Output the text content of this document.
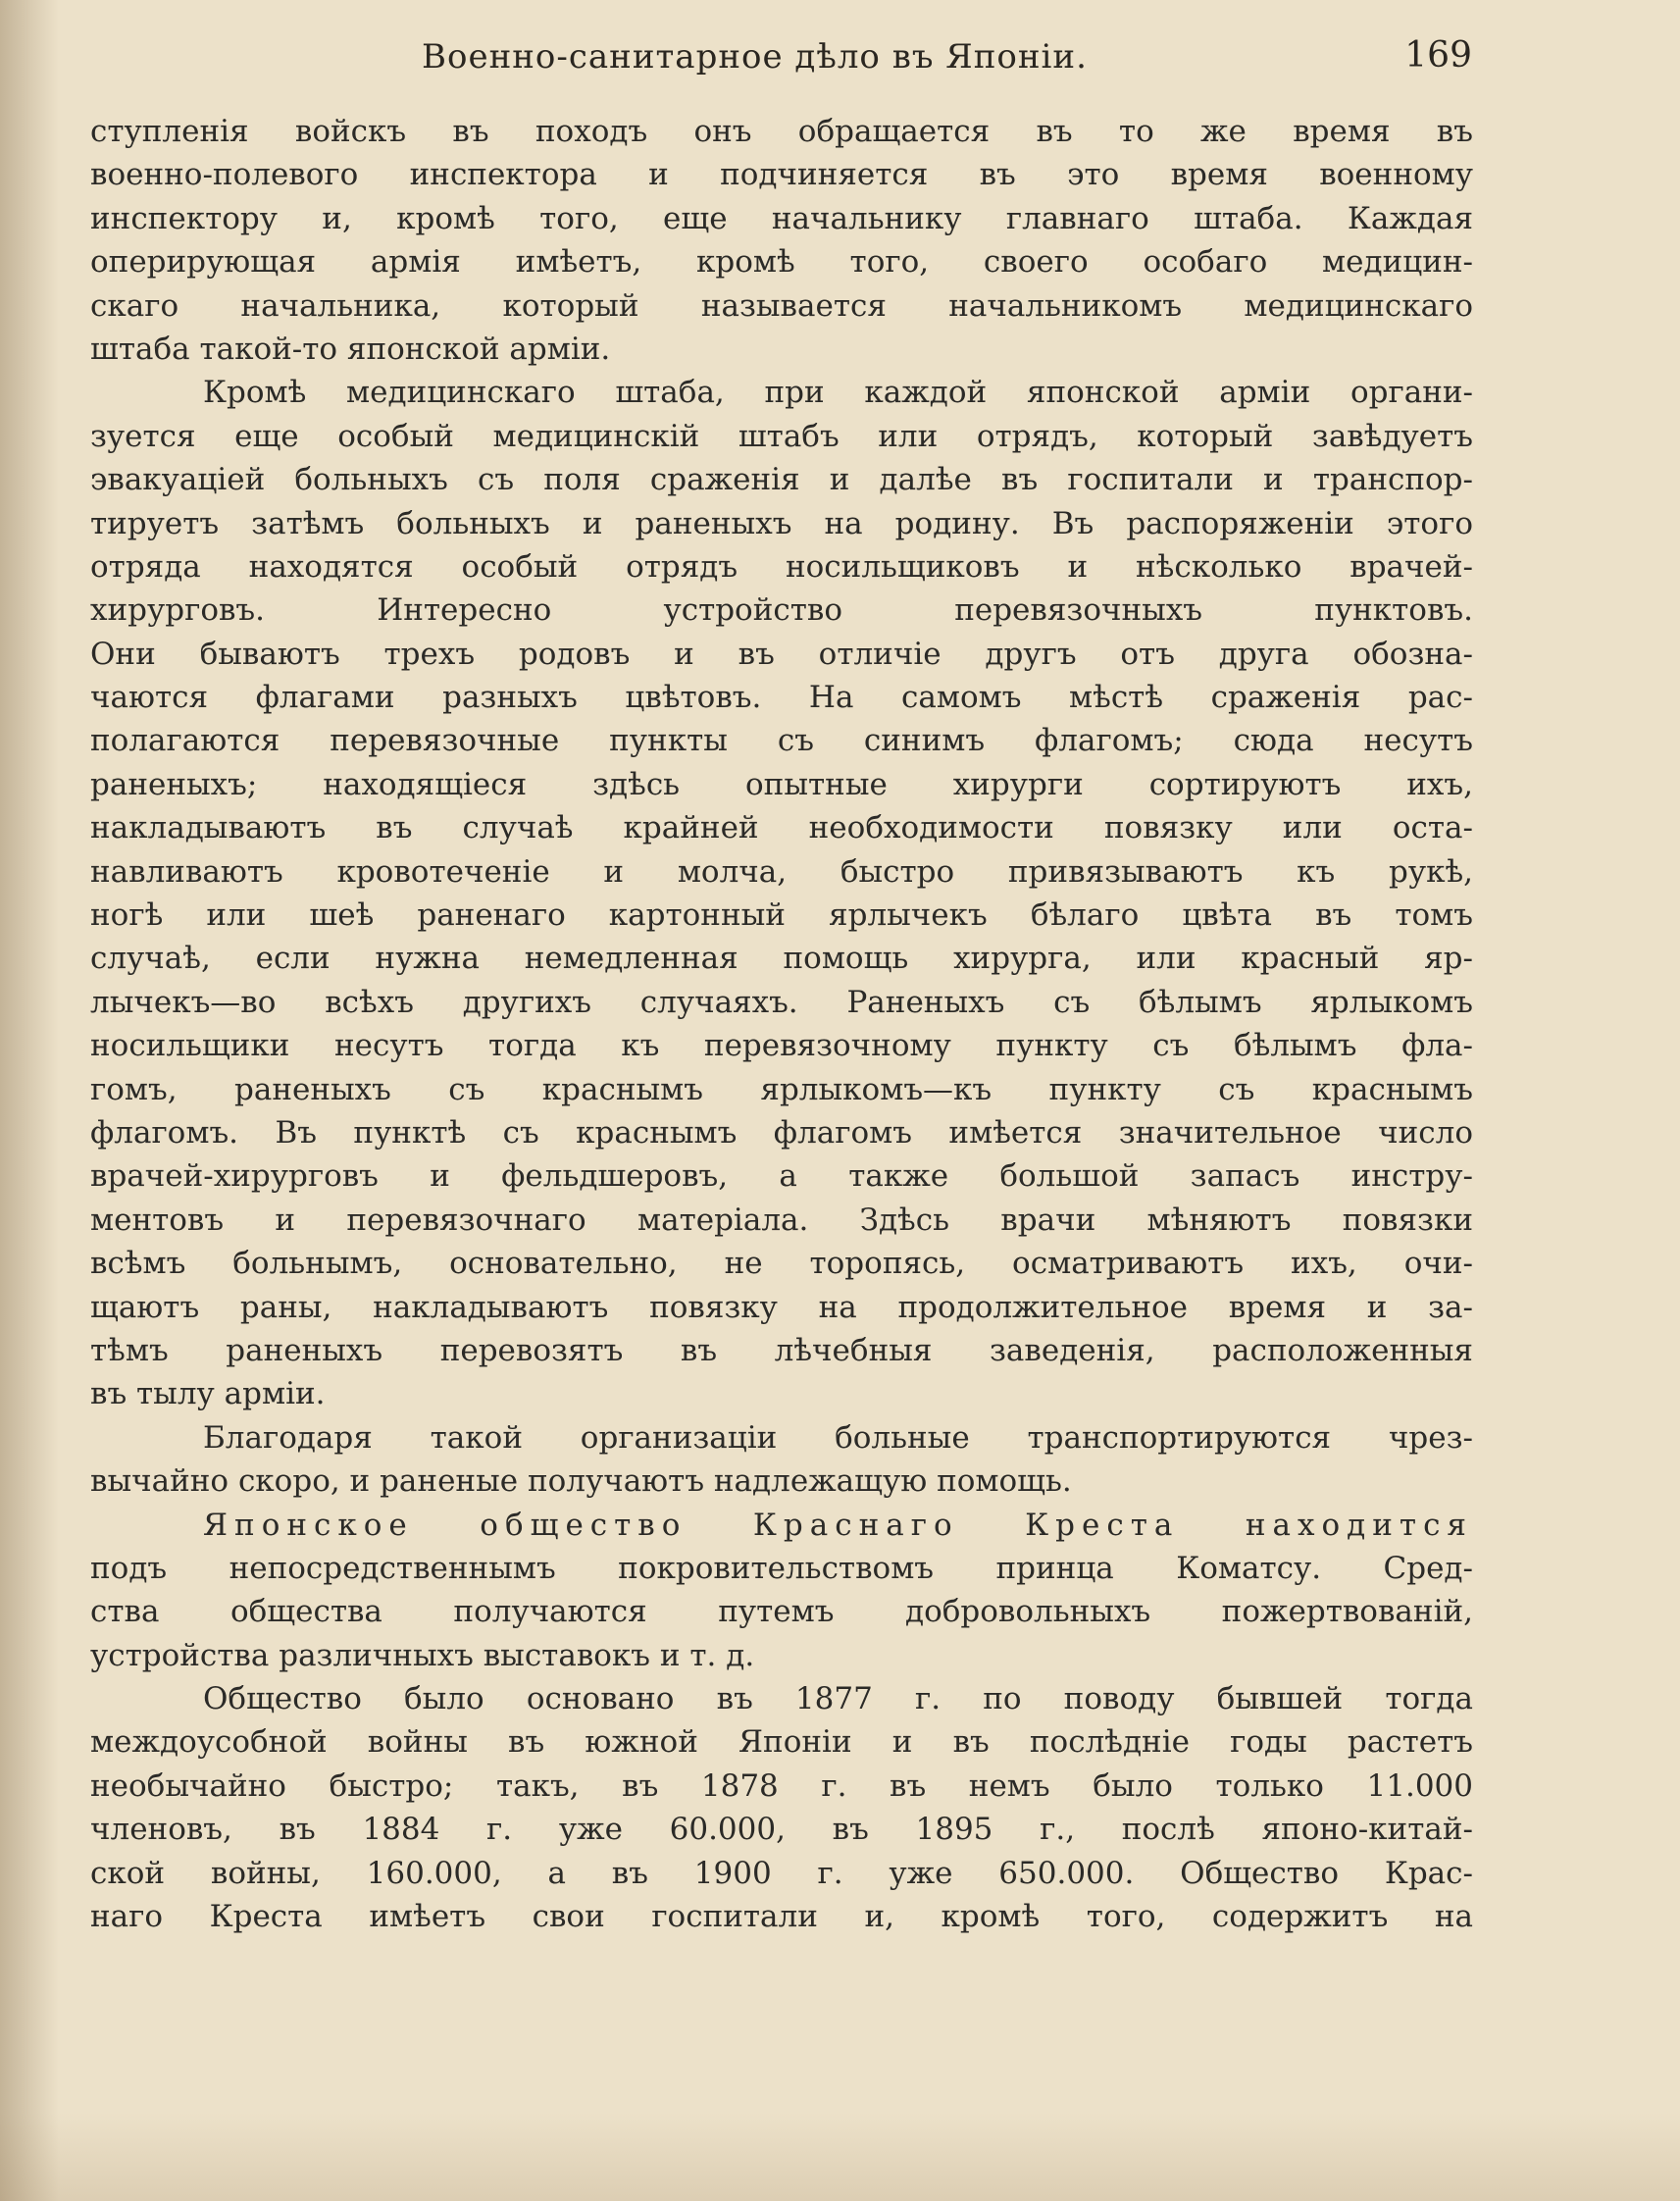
Военно-санитарное дѣло въ Японіи.	169
ступленія войскъ въ походъ онъ обращается въ то же время въ
военно-полевого инспектора и подчиняется въ это время военному
инспектору и, кромѣ того, еще начальнику главнаго штаба. Каждая
оперирующая армія имѣетъ, кромѣ того, своего особаго медицин-
скаго начальника, который называется начальникомъ медицинскаго
штаба такой-то японской арміи.
Кромѣ медицинскаго штаба, при каждой японской арміи органи-
зуется еще особый медицинскій штабъ или отрядъ, который завѣдуетъ
эвакуаціей больныхъ съ поля сраженія и далѣе въ госпитали и транспор-
тируетъ затѣмъ больныхъ и раненыхъ на родину. Въ распоряженіи этого
отряда находятся особый отрядъ носильщиковъ и нѣсколько врачей-
хирурговъ. Интересно устройство перевязочныхъ пунктовъ.
Они бываютъ трехъ родовъ и въ отличіе другъ отъ друга обозна-
чаются флагами разныхъ цвѣтовъ. На самомъ мѣстѣ сраженія рас-
полагаются перевязочные пункты съ синимъ флагомъ; сюда несутъ
раненыхъ; находящіеся здѣсь опытные хирурги сортируютъ ихъ,
накладываютъ въ случаѣ крайней необходимости повязку или оста-
навливаютъ кровотеченіе и молча, быстро привязываютъ къ рукѣ,
ногѣ или шеѣ раненаго картонный ярлычекъ бѣлаго цвѣта въ томъ
случаѣ, если нужна немедленная помощь хирурга, или красный яр-
лычекъ—во всѣхъ другихъ случаяхъ. Раненыхъ съ бѣлымъ ярлыкомъ
носильщики несутъ тогда къ перевязочному пункту съ бѣлымъ фла-
гомъ, раненыхъ съ краснымъ ярлыкомъ—къ пункту съ краснымъ
флагомъ. Въ пунктѣ съ краснымъ флагомъ имѣется значительное число
врачей-хирурговъ и фельдшеровъ, а также большой запасъ инстру-
ментовъ и перевязочнаго матеріала. Здѣсь врачи мѣняютъ повязки
всѣмъ больнымъ, основательно, не торопясь, осматриваютъ ихъ, очи-
щаютъ раны, накладываютъ повязку на продолжительное время и за-
тѣмъ раненыхъ перевозятъ въ лѣчебныя заведенія, расположенныя
въ тылу арміи.
Благодаря такой организаціи больные транспортируются чрез-
вычайно скоро, и раненые получаютъ надлежащую помощь.
Японское общество Краснаго Креста находится
подъ непосредственнымъ покровительствомъ принца Коматсу. Сред-
ства общества получаются путемъ добровольныхъ пожертвованій,
устройства различныхъ выставокъ и т. д.
Общество было основано въ 1877 г. по поводу бывшей тогда
междоусобной войны въ южной Японіи и въ послѣдніе годы растетъ
необычайно быстро; такъ, въ 1878 г. въ немъ было только 11.000
членовъ, въ 1884 г. уже 60.000, въ 1895 г., послѣ японо-китай-
ской войны, 160.000, а въ 1900 г. уже 650.000. Общество Крас-
наго Креста имѣетъ свои госпитали и, кромѣ того, содержитъ на
